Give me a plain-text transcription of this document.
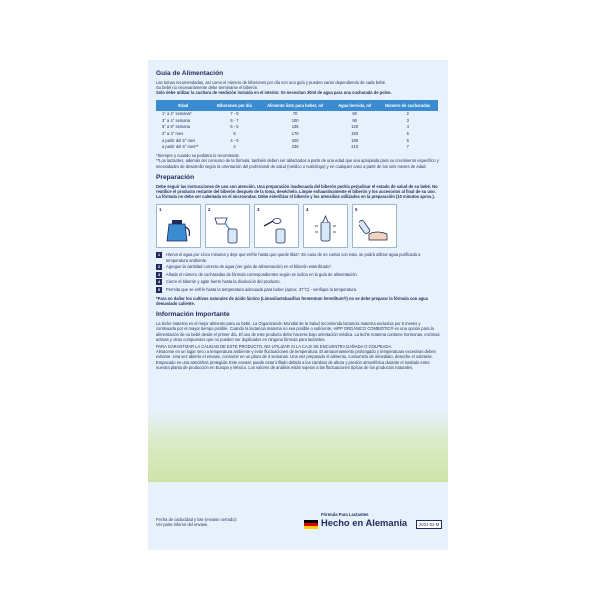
Guía de Alimentación

Las tomas recomendadas, así como el número de biberones por día son una guía y pueden variar dependiendo de cada bebé.

Su bebé no necesariamente debe terminarse el biberón.

Solo debe utilizar la cuchara de medición incluida en el interior. Se necesitan 30ml de agua para una cucharada de polvo.

Edad	Biberones por día	Alimento listo para beber, ml	Agua hervida, ml	Número de cucharadas
1° a 2° semana*	7 - 8	70	60	2
3° a 4° semana	5 - 7	100	90	3
5° a 8° semana	5 - 6	135	120	4
3° a 4° mes	5	170	150	5
a partir del 5° mes	4 - 5	200	180	6
a partir del 6° mes**	4	235	210	7

*Siempre y cuando su pediatra lo recomiende.

**Los lactantes, además del consumo de la fórmula, también deben ser ablactados a partir de una edad que sea apropiada para su crecimiento específico y necesidades de desarrollo según la orientación del profesional de salud (médico o nutriólogo) y en cualquier caso a partir de los seis meses de edad.

Preparación

Debe seguir las instrucciones de uso con atención. Una preparación inadecuada del biberón podría perjudicar el estado de salud de su bebé. No reutilice el producto restante del biberón después de la toma, deséchelo. Limpie exhaustivamente el biberón y los accesorios al final de su uso. La fórmula no debe ser calentada en el microondas. Debe esterilizar el biberón y los utensilios utilizados en la preparación (10 minutos aprox.).

1	2	3	4	5
1	Hierva el agua por cinco minutos y deje que enfríe hasta que quede tibia*. En caso de no contar con esta, se podrá utilizar agua purificada a temperatura ambiente.

2	Agregue la cantidad correcta de agua (ver guía de alimentación) en el biberón esterilizado*.

3	Añada el número de cucharadas de fórmula correspondientes según se indica en la guía de alimentación.

4	Cierre el biberón y agite fuerte hasta la disolución del producto.

5	Permita que se enfríe hasta la temperatura adecuada para beber (aprox. 37°C) - verifique la temperatura.

*Para no dañar los cultivos naturales de ácido láctico (Limosilactobacillus fermentum hereditum®) no se debe preparar la fórmula con agua demasiado caliente.

Información Importante

La leche materna es el mejor alimento para su bebé. La Organización Mundial de la Salud recomienda lactancia materna exclusiva por 6 meses y continuarla por el mayor tiempo posible. Cuando la lactancia materna no sea posible o suficiente, HiPP ORGÁNICO COMBIOTIC® es una opción para la alimentación de su bebé desde el primer día. El uso de este producto debe hacerse bajo orientación médica. La leche materna contiene hormonas, enzimas activas y otros compuestos que no pueden ser duplicados en ninguna fórmula para lactantes.

PARA GARANTIZAR LA CALIDAD DE ESTE PRODUCTO, NO UTILIZAR SI LA CAJA SE ENCUENTRA DAÑADA O GOLPEADA.

Almacene en un lugar seco a temperatura ambiente y evite fluctuaciones de temperatura. El almacenamiento prolongado y temperaturas excesivas deben evitarse. Una vez abierto el envase, consumir en un plazo de 3 semanas. Una vez preparado el alimento, consumirlo de inmediato, deseche el sobrante. Empacado en una atmósfera protegida. Este envase puede estar inflado debido a los cambios de altura y presión atmosférica durante el traslado entre nuestra planta de producción en Europa y México. Los valores de análisis están sujetos a las fluctuaciones típicas de los productos naturales.

Fecha de caducidad y lote (envase cerrado):

Ver parte inferior del envase.

Fórmula Para Lactantes
Hecho en Alemania	2031-02-M
